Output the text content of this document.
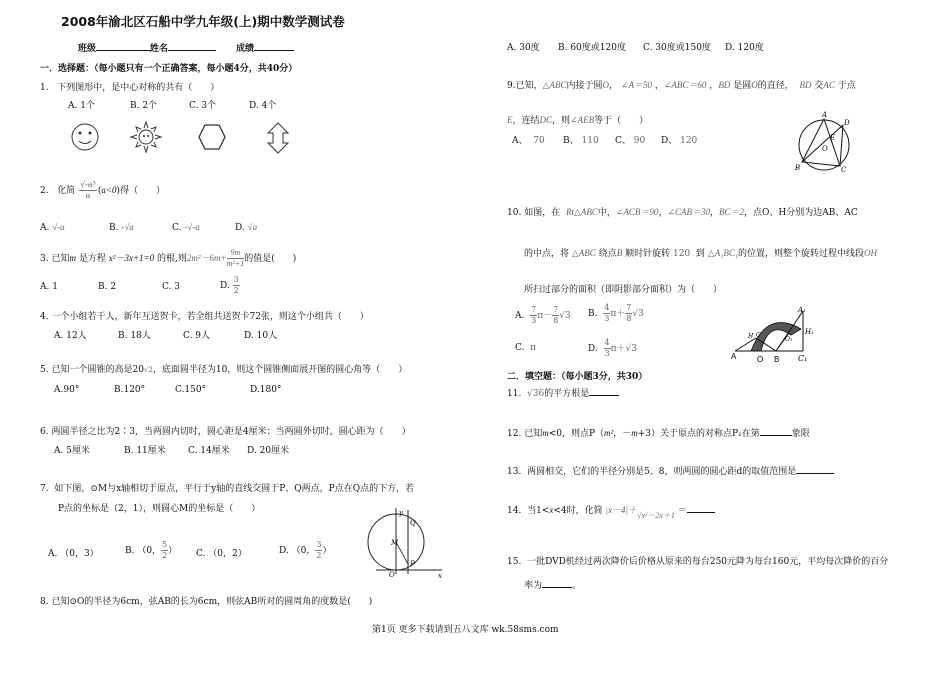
2008年渝北区石船中学九年级(上)期中数学测试卷
班级	姓名	成绩
一．选择题：（每小题只有一个正确答案，每小题4分，共40分）
1. 下列图形中，是中心对称的共有（　　）
A. 1个	B. 2个	C. 3个	D. 4个
2. 化简 $\frac{\text{√-a³}}{a} (a<0)$得（　　）
A. √-a	B. -√a	C. -√-a	D. √a
3. 已知m 是方程 x²－3x+1=0 的根,则$2m^2-6m+ \frac{9m}{\text{m²+1}}$ 的值是(　　)
A. 1	B. 2	C. 3	D. $\frac{3}{2}$
4. 一个小组若干人，新年互送贺卡，若全组共送贺卡72张，则这个小组共（　　）
A. 12人	B. 18人	C. 9人	D. 10人
5. 已知一个圆锥的高是20√2，底面圆半径为10，则这个圆锥侧面展开图的圆心角等（　　）
A.90°	B.120°	C.150°	D.180°
6. 两圆半径之比为2∶3，当两圆内切时，圆心距是4厘米；当两圆外切时，圆心距为（　　）
A. 5厘米	B. 11厘米 C. 14厘米 D. 20厘米
7. 如下图，⊙M与x轴相切于原点，平行于y轴的直线交圆于P、Q两点，P点在Q点的下方，若
P点的坐标是（2，1），则圆心M的坐标是（　　）
A. （0，3）	B. （0， $\frac{5}{2}$ ） C. （0，2）	D. （0， $\frac{3}{2}$ ）
y
M
Q
P
O	x
8. 已知⊙O的半径为6cm，弦AB的长为6cm，则弦AB所对的圆周角的度数是(　　)
A. 30度 B. 60度或120度 C. 30度或150度 D. 120度
9.已知，△ABC内接于圆O， ∠A＝50 ，∠ABC＝60 ，BD 是圆O的直径， BD 交AC 于点
E，连结DC，则∠AEB等于（　　）
A、 70 B、 110 C、 90 D、 120
A
D
E
O
B	C
10. 如图，在 Rt△ABC中，∠ACB＝90，∠CAB＝30，BC＝2，点O、H分别为边AB、AC
的中点，将 △ABC 绕点B 顺时针旋转 120 到 △A₁BC₁的位置，则整个旋转过程中线段OH
所扫过部分的面积（即阴影部分面积）为（　　）
A. $\frac{7}{3} \pi- \frac{7}{8} √3$ B. $\frac{4}{3} \pi+ \frac{7}{8} √3$
C. π	D. $\frac{4}{3} \pi+√3$
A	O B C₁
H C
O₁
A₁
H₁
二．填空题：（每小题3分，共30）
11. √36的平方根是
12. 已知m<0，则点P（m²，－m+3）关于原点的对称点P₁在第	象限
13. 两圆相交，它们的半径分别是5、8，则两圆的圆心距d的取值范围是
14. 当1<x<4时，化简 |x－4|＋√x²－2x＋1 ＝
15. 一批DVD机经过两次降价后价格从原来的每台250元降为每台160元，平均每次降价的百分
率为	。
第1页 更多下载请到五八文库 wk.58sms.com
